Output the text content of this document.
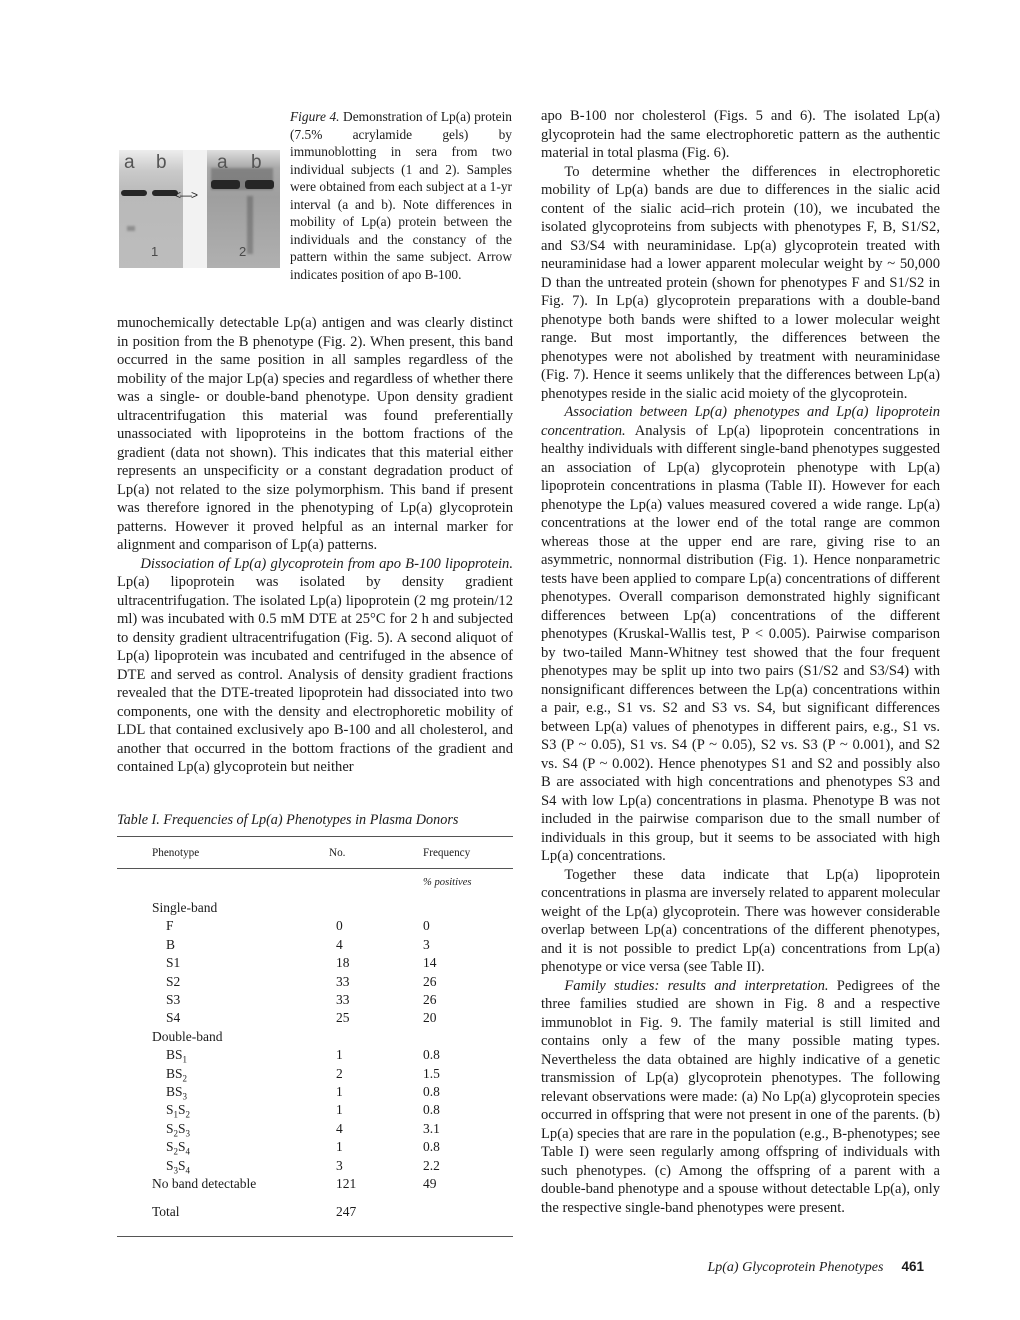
a b
1
a b
2
<—>

Figure 4. Demonstration of Lp(a) protein (7.5% acrylamide gels) by immunoblotting in sera from two individual subjects (1 and 2). Samples were obtained from each subject at a 1-yr interval (a and b). Note differences in mobility of Lp(a) protein between the individuals and the constancy of the pattern within the same subject. Arrow indicates position of apo B-100.

munochemically detectable Lp(a) antigen and was clearly distinct in position from the B phenotype (Fig. 2). When present, this band occurred in the same position in all samples regardless of the mobility of the major Lp(a) species and regardless of whether there was a single- or double-band phenotype. Upon density gradient ultracentrifugation this material was found preferentially unassociated with lipoproteins in the bottom fractions of the gradient (data not shown). This indicates that this material either represents an unspecificity or a constant degradation product of Lp(a) not related to the size polymorphism. This band if present was therefore ignored in the phenotyping of Lp(a) glycoprotein patterns. However it proved helpful as an internal marker for alignment and comparison of Lp(a) patterns.

Dissociation of Lp(a) glycoprotein from apo B-100 lipoprotein. Lp(a) lipoprotein was isolated by density gradient ultracentrifugation. The isolated Lp(a) lipoprotein (2 mg protein/12 ml) was incubated with 0.5 mM DTE at 25°C for 2 h and subjected to density gradient ultracentrifugation (Fig. 5). A second aliquot of Lp(a) lipoprotein was incubated and centrifuged in the absence of DTE and served as control. Analysis of density gradient fractions revealed that the DTE-treated lipoprotein had dissociated into two components, one with the density and electrophoretic mobility of LDL that contained exclusively apo B-100 and all cholesterol, and another that occurred in the bottom fractions of the gradient and contained Lp(a) glycoprotein but neither

Table I. Frequencies of Lp(a) Phenotypes in Plasma Donors

Phenotype	No.	Frequency
% positives
Single-band
F	0	0
B	4	3
S1	18	14
S2	33	26
S3	33	26
S4	25	20
Double-band
$BS_1$	1	0.8
$BS_2$	2	1.5
$BS_3$	1	0.8
$S_1S_2$	1	0.8
$S_2S_3$	4	3.1
$S_2S_4$	1	0.8
$S_3S_4$	3	2.2
No band detectable	121	49
Total	247

apo B-100 nor cholesterol (Figs. 5 and 6). The isolated Lp(a) glycoprotein had the same electrophoretic pattern as the authentic material in total plasma (Fig. 6).

To determine whether the differences in electrophoretic mobility of Lp(a) bands are due to differences in the sialic acid content of the sialic acid–rich protein (10), we incubated the isolated glycoproteins from subjects with phenotypes F, B, S1/S2, and S3/S4 with neuraminidase. Lp(a) glycoprotein treated with neuraminidase had a lower apparent molecular weight by ~ 50,000 D than the untreated protein (shown for phenotypes F and S1/S2 in Fig. 7). In Lp(a) glycoprotein preparations with a double-band phenotype both bands were shifted to a lower molecular weight range. But most importantly, the differences between the phenotypes were not abolished by treatment with neuraminidase (Fig. 7). Hence it seems unlikely that the differences between Lp(a) phenotypes reside in the sialic acid moiety of the glycoprotein.

Association between Lp(a) phenotypes and Lp(a) lipoprotein concentration. Analysis of Lp(a) lipoprotein concentrations in healthy individuals with different single-band phenotypes suggested an association of Lp(a) glycoprotein phenotype with Lp(a) lipoprotein concentrations in plasma (Table II). However for each phenotype the Lp(a) values measured covered a wide range. Lp(a) concentrations at the lower end of the total range are common whereas those at the upper end are rare, giving rise to an asymmetric, nonnormal distribution (Fig. 1). Hence nonparametric tests have been applied to compare Lp(a) concentrations of different phenotypes. Overall comparison demonstrated highly significant differences between Lp(a) concentrations of the different phenotypes (Kruskal-Wallis test, P < 0.005). Pairwise comparison by two-tailed Mann-Whitney test showed that the four frequent phenotypes may be split up into two pairs (S1/S2 and S3/S4) with nonsignificant differences between the Lp(a) concentrations within a pair, e.g., S1 vs. S2 and S3 vs. S4, but significant differences between Lp(a) values of phenotypes in different pairs, e.g., S1 vs. S3 (P ~ 0.05), S1 vs. S4 (P ~ 0.05), S2 vs. S3 (P ~ 0.001), and S2 vs. S4 (P ~ 0.002). Hence phenotypes S1 and S2 and possibly also B are associated with high concentrations and phenotypes S3 and S4 with low Lp(a) concentrations in plasma. Phenotype B was not included in the pairwise comparison due to the small number of individuals in this group, but it seems to be associated with high Lp(a) concentrations.

Together these data indicate that Lp(a) lipoprotein concentrations in plasma are inversely related to apparent molecular weight of the Lp(a) glycoprotein. There was however considerable overlap between Lp(a) concentrations of the different phenotypes, and it is not possible to predict Lp(a) concentrations from Lp(a) phenotype or vice versa (see Table II).

Family studies: results and interpretation. Pedigrees of the three families studied are shown in Fig. 8 and a respective immunoblot in Fig. 9. The family material is still limited and contains only a few of the many possible mating types. Nevertheless the data obtained are highly indicative of a genetic transmission of Lp(a) glycoprotein phenotypes. The following relevant observations were made: (a) No Lp(a) glycoprotein species occurred in offspring that were not present in one of the parents. (b) Lp(a) species that are rare in the population (e.g., B-phenotypes; see Table I) were seen regularly among offspring of individuals with such phenotypes. (c) Among the offspring of a parent with a double-band phenotype and a spouse without detectable Lp(a), only the respective single-band phenotypes were present.

Lp(a) Glycoprotein Phenotypes 461
